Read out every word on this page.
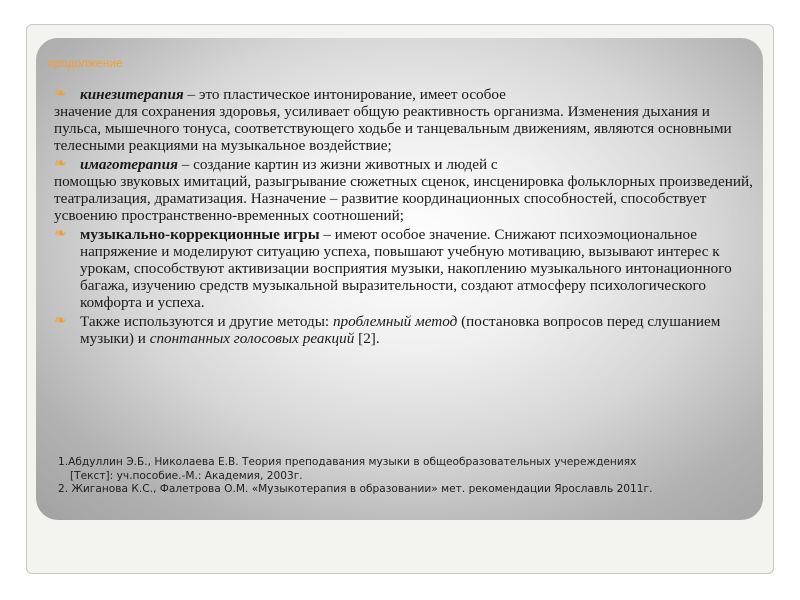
продолжение
❧ кинезитерапия – это пластическое интонирование, имеет особое
значение для сохранения здоровья, усиливает общую реактивность организма. Изменения дыхания и пульса, мышечного тонуса, соответствующего ходьбе и танцевальным движениям, являются основными телесными реакциями на музыкальное воздействие;
❧ имаготерапия – создание картин из жизни животных и людей с
помощью звуковых имитаций, разыгрывание сюжетных сценок, инсценировка фольклорных произведений, театрализация, драматизация. Назначение – развитие координационных способностей, способствует усвоению пространственно-временных соотношений;
❧ музыкально-коррекционные игры – имеют особое значение. Снижают психоэмоциональное напряжение и моделируют ситуацию успеха, повышают учебную мотивацию, вызывают интерес к урокам, способствуют активизации восприятия музыки, накоплению музыкального интонационного багажа, изучению средств музыкальной выразительности, создают атмосферу психологического комфорта и успеха.
❧ Также используются и другие методы: проблемный метод (постановка вопросов перед слушанием музыки) и спонтанных голосовых реакций [2].
1.Абдуллин Э.Б., Николаева Е.В. Теория преподавания музыки в общеобразовательных учереждениях
[Текст]: уч.пособие.-М.: Академия, 2003г.
2. Жиганова К.С., Фалетрова О.М. «Музыкотерапия в образовании» мет. рекомендации Ярославль 2011г.
